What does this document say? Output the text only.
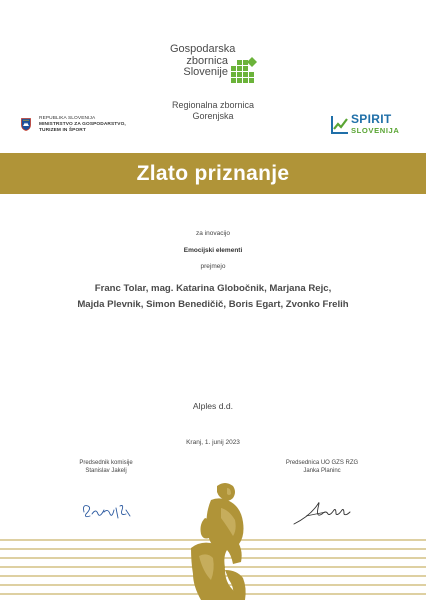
Gospodarska
zbornica
Slovenije
Regionalna zbornica
Gorenjska
REPUBLIKA SLOVENIJA
MINISTRSTVO ZA GOSPODARSTVO,
TURIZEM IN ŠPORT
SPIRIT
SLOVENIJA
Zlato priznanje
za inovacijo
Emocijski elementi
prejmejo
Franc Tolar, mag. Katarina Globočnik, Marjana Rejc,
Majda Plevnik, Simon Benedičič, Boris Egart, Zvonko Frelih
Alples d.d.
Kranj, 1. junij 2023
Predsednik komisije
Stanislav Jakelj
Predsednica UO GZS RZG
Janka Planinc
